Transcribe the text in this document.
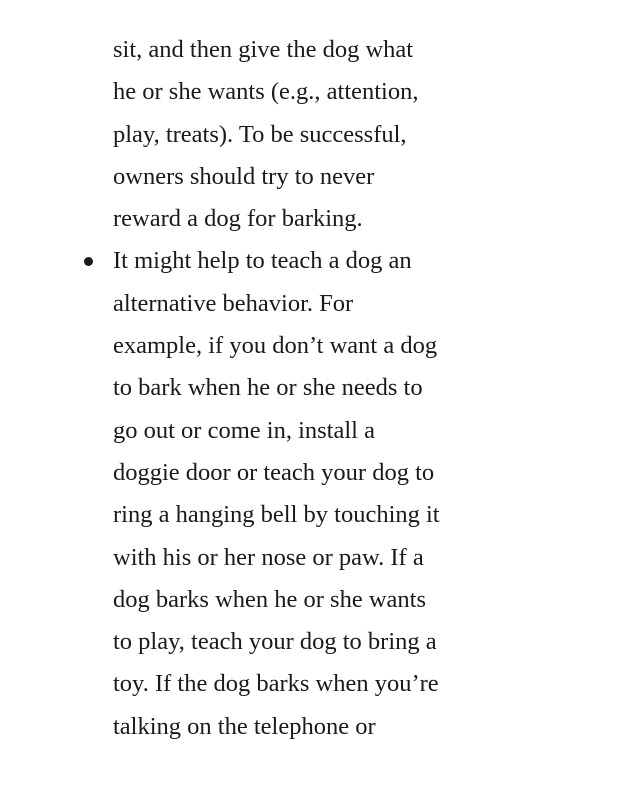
sit, and then give the dog what
he or she wants (e.g., attention,
play, treats). To be successful,
owners should try to never
reward a dog for barking.
It might help to teach a dog an
alternative behavior. For
example, if you don’t want a dog
to bark when he or she needs to
go out or come in, install a
doggie door or teach your dog to
ring a hanging bell by touching it
with his or her nose or paw. If a
dog barks when he or she wants
to play, teach your dog to bring a
toy. If the dog barks when you’re
talking on the telephone or
